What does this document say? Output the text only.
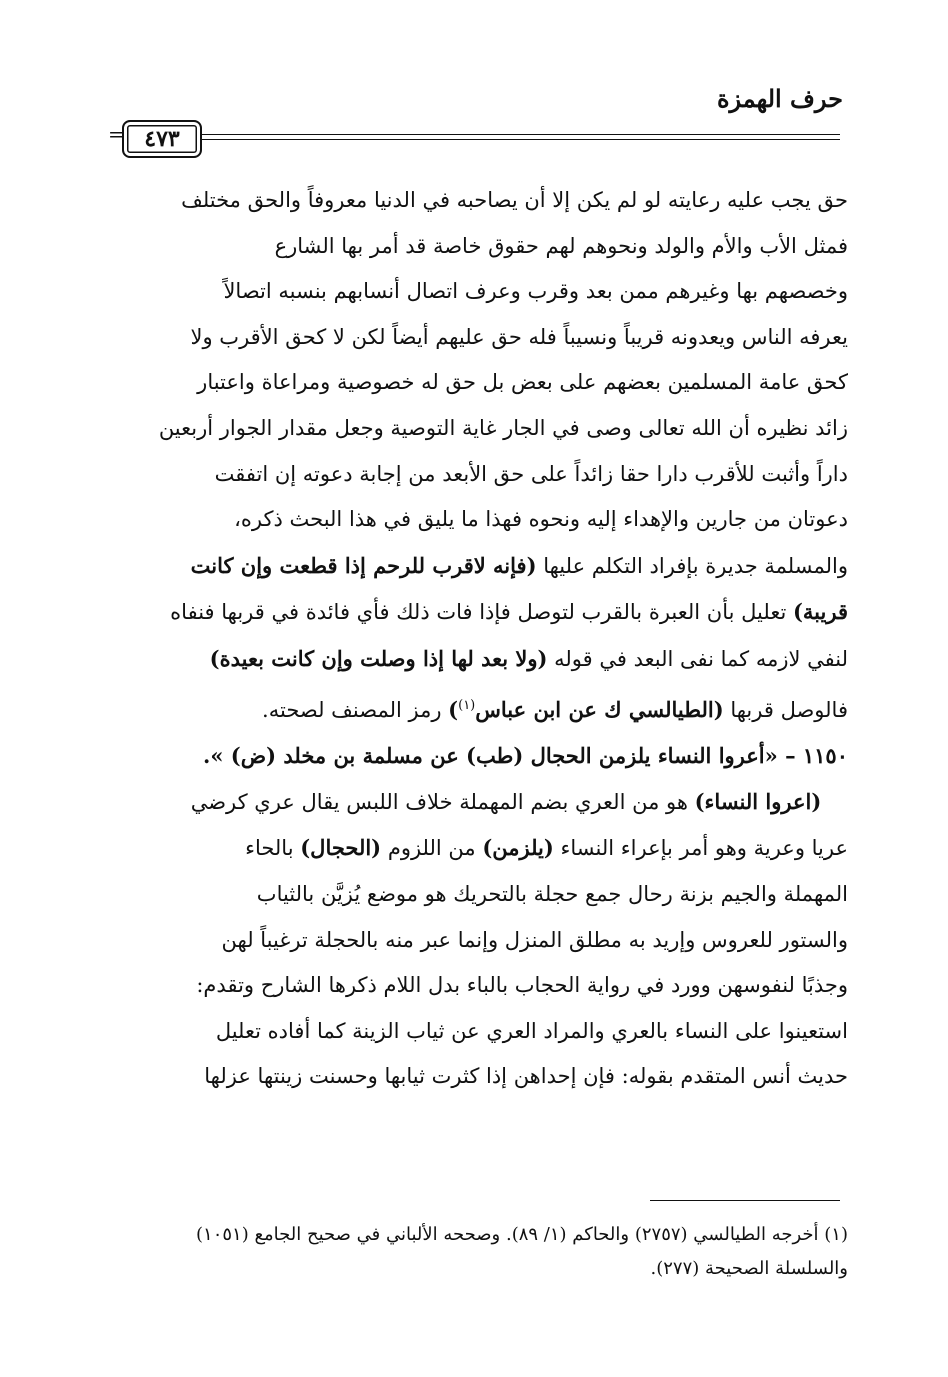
حرف الهمزة
= ٤٧٣
حق يجب عليه رعايته لو لم يكن إلا أن يصاحبه في الدنيا معروفاً والحق مختلف
فمثل الأب والأم والولد ونحوهم لهم حقوق خاصة قد أمر بها الشارع
وخصصهم بها وغيرهم ممن بعد وقرب وعرف اتصال أنسابهم بنسبه اتصالاً
يعرفه الناس ويعدونه قريباً ونسيباً فله حق عليهم أيضاً لكن لا كحق الأقرب ولا
كحق عامة المسلمين بعضهم على بعض بل حق له خصوصية ومراعاة واعتبار
زائد نظيره أن الله تعالى وصى في الجار غاية التوصية وجعل مقدار الجوار أربعين
داراً وأثبت للأقرب دارا حقا زائداً على حق الأبعد من إجابة دعوته إن اتفقت
دعوتان من جارين والإهداء إليه ونحوه فهذا ما يليق في هذا البحث ذكره،
والمسلمة جديرة بإفراد التكلم عليها (فإنه لاقرب للرحم إذا قطعت وإن كانت
قريبة) تعليل بأن العبرة بالقرب لتوصل فإذا فات ذلك فأي فائدة في قربها فنفاه
لنفي لازمه كما نفى البعد في قوله (ولا بعد لها إذا وصلت وإن كانت بعيدة)
فالوصل قربها (الطيالسي ك عن ابن عباس$^{(١)}$) رمز المصنف لصحته.
١١٥٠ – «أعروا النساء يلزمن الحجال (طب) عن مسلمة بن مخلد (ض) ».
(اعروا النساء) هو من العري بضم المهملة خلاف اللبس يقال عري كرضي
عريا وعرية وهو أمر بإعراء النساء (يلزمن) من اللزوم (الحجال) بالحاء
المهملة والجيم بزنة رحال جمع حجلة بالتحريك هو موضع يُزيَّن بالثياب
والستور للعروس وإريد به مطلق المنزل وإنما عبر منه بالحجلة ترغيباً لهن
وجذبًا لنفوسهن وورد في رواية الحجاب بالباء بدل اللام ذكرها الشارح وتقدم:
استعينوا على النساء بالعري والمراد العري عن ثياب الزينة كما أفاده تعليل
حديث أنس المتقدم بقوله: فإن إحداهن إذا كثرت ثيابها وحسنت زينتها عزلها
(١) أخرجه الطيالسي (٢٧٥٧) والحاكم (١/ ٨٩). وصححه الألباني في صحيح الجامع (١٠٥١)
والسلسلة الصحيحة (٢٧٧).
